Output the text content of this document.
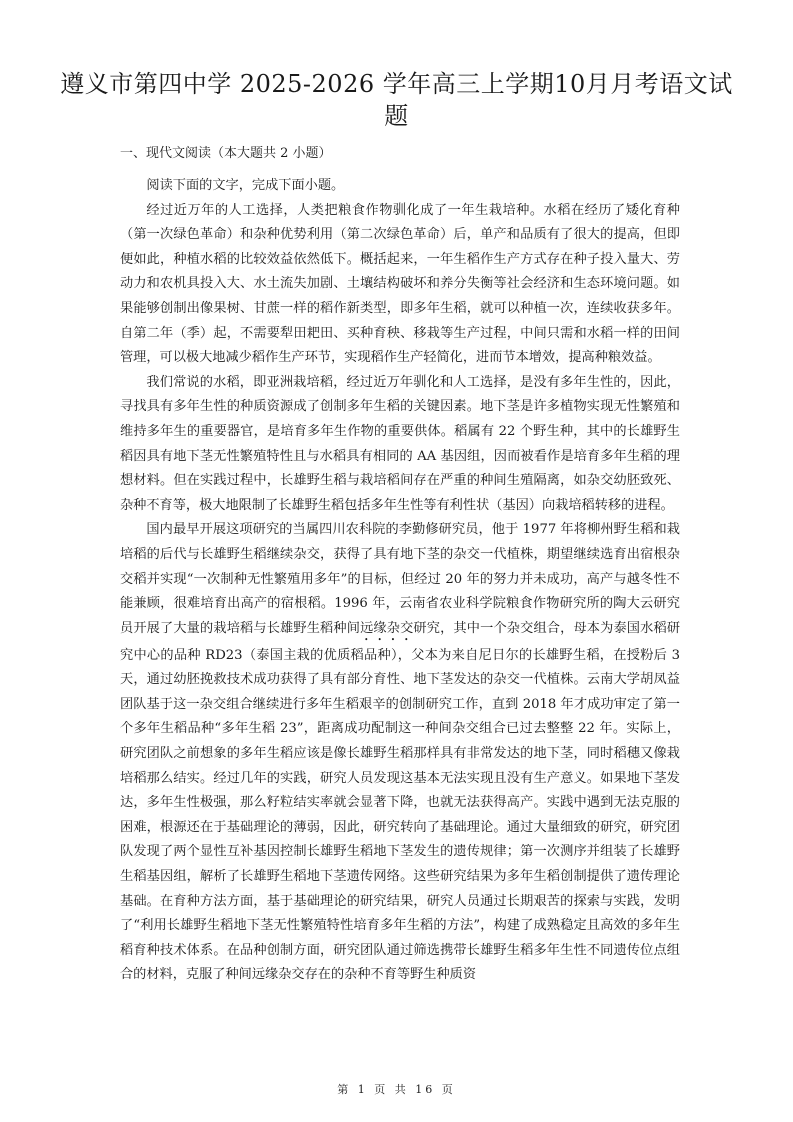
遵义市第四中学 2025-2026 学年高三上学期10月月考语文试题
一、现代文阅读（本大题共 2 小题）

阅读下面的文字，完成下面小题。

经过近万年的人工选择，人类把粮食作物驯化成了一年生栽培种。水稻在经历了矮化育种（第一次绿色革命）和杂种优势利用（第二次绿色革命）后，单产和品质有了很大的提高，但即便如此，种植水稻的比较效益依然低下。概括起来，一年生稻作生产方式存在种子投入量大、劳动力和农机具投入大、水土流失加剧、土壤结构破坏和养分失衡等社会经济和生态环境问题。如果能够创制出像果树、甘蔗一样的稻作新类型，即多年生稻，就可以种植一次，连续收获多年。自第二年（季）起，不需要犁田耙田、买种育秧、移栽等生产过程，中间只需和水稻一样的田间管理，可以极大地减少稻作生产环节，实现稻作生产轻简化，进而节本增效，提高种粮效益。

我们常说的水稻，即亚洲栽培稻，经过近万年驯化和人工选择，是没有多年生性的，因此，寻找具有多年生性的种质资源成了创制多年生稻的关键因素。地下茎是许多植物实现无性繁殖和维持多年生的重要器官，是培育多年生作物的重要供体。稻属有 22 个野生种，其中的长雄野生稻因具有地下茎无性繁殖特性且与水稻具有相同的 AA 基因组，因而被看作是培育多年生稻的理想材料。但在实践过程中，长雄野生稻与栽培稻间存在严重的种间生殖隔离，如杂交幼胚致死、杂种不育等，极大地限制了长雄野生稻包括多年生性等有利性状（基因）向栽培稻转移的进程。

国内最早开展这项研究的当属四川农科院的李勤修研究员，他于 1977 年将柳州野生稻和栽培稻的后代与长雄野生稻继续杂交，获得了具有地下茎的杂交一代植株，期望继续选育出宿根杂交稻并实现“一次制种无性繁殖用多年”的目标，但经过 20 年的努力并未成功，高产与越冬性不能兼顾，很难培育出高产的宿根稻。1996 年，云南省农业科学院粮食作物研究所的陶大云研究员开展了大量的栽培稻与长雄野生稻种间远缘杂交研究，其中一个杂交组合，母本为泰国水稻研究中心的品种 RD23（泰国主栽的优质稻品种），父本为来自尼日尔的长雄野生稻，在授粉后 3 天，通过幼胚挽救技术成功获得了具有部分育性、地下茎发达的杂交一代植株。云南大学胡凤益团队基于这一杂交组合继续进行多年生稻艰辛的创制研究工作，直到 2018 年才成功审定了第一个多年生稻品种“多年生稻 23”，距离成功配制这一种间杂交组合已过去整整 22 年。实际上，研究团队之前想象的多年生稻应该是像长雄野生稻那样具有非常发达的地下茎，同时稻穗又像栽培稻那么结实。经过几年的实践，研究人员发现这基本无法实现且没有生产意义。如果地下茎发达，多年生性极强，那么籽粒结实率就会显著下降，也就无法获得高产。实践中遇到无法克服的困难，根源还在于基础理论的薄弱，因此，研究转向了基础理论。通过大量细致的研究，研究团队发现了两个显性互补基因控制长雄野生稻地下茎发生的遗传规律；第一次测序并组装了长雄野生稻基因组，解析了长雄野生稻地下茎遗传网络。这些研究结果为多年生稻创制提供了遗传理论基础。在育种方法方面，基于基础理论的研究结果，研究人员通过长期艰苦的探索与实践，发明了“利用长雄野生稻地下茎无性繁殖特性培育多年生稻的方法”，构建了成熟稳定且高效的多年生稻育种技术体系。在品种创制方面，研究团队通过筛选携带长雄野生稻多年生性不同遗传位点组合的材料，克服了种间远缘杂交存在的杂种不育等野生种质资

第 1 页 共 16 页
